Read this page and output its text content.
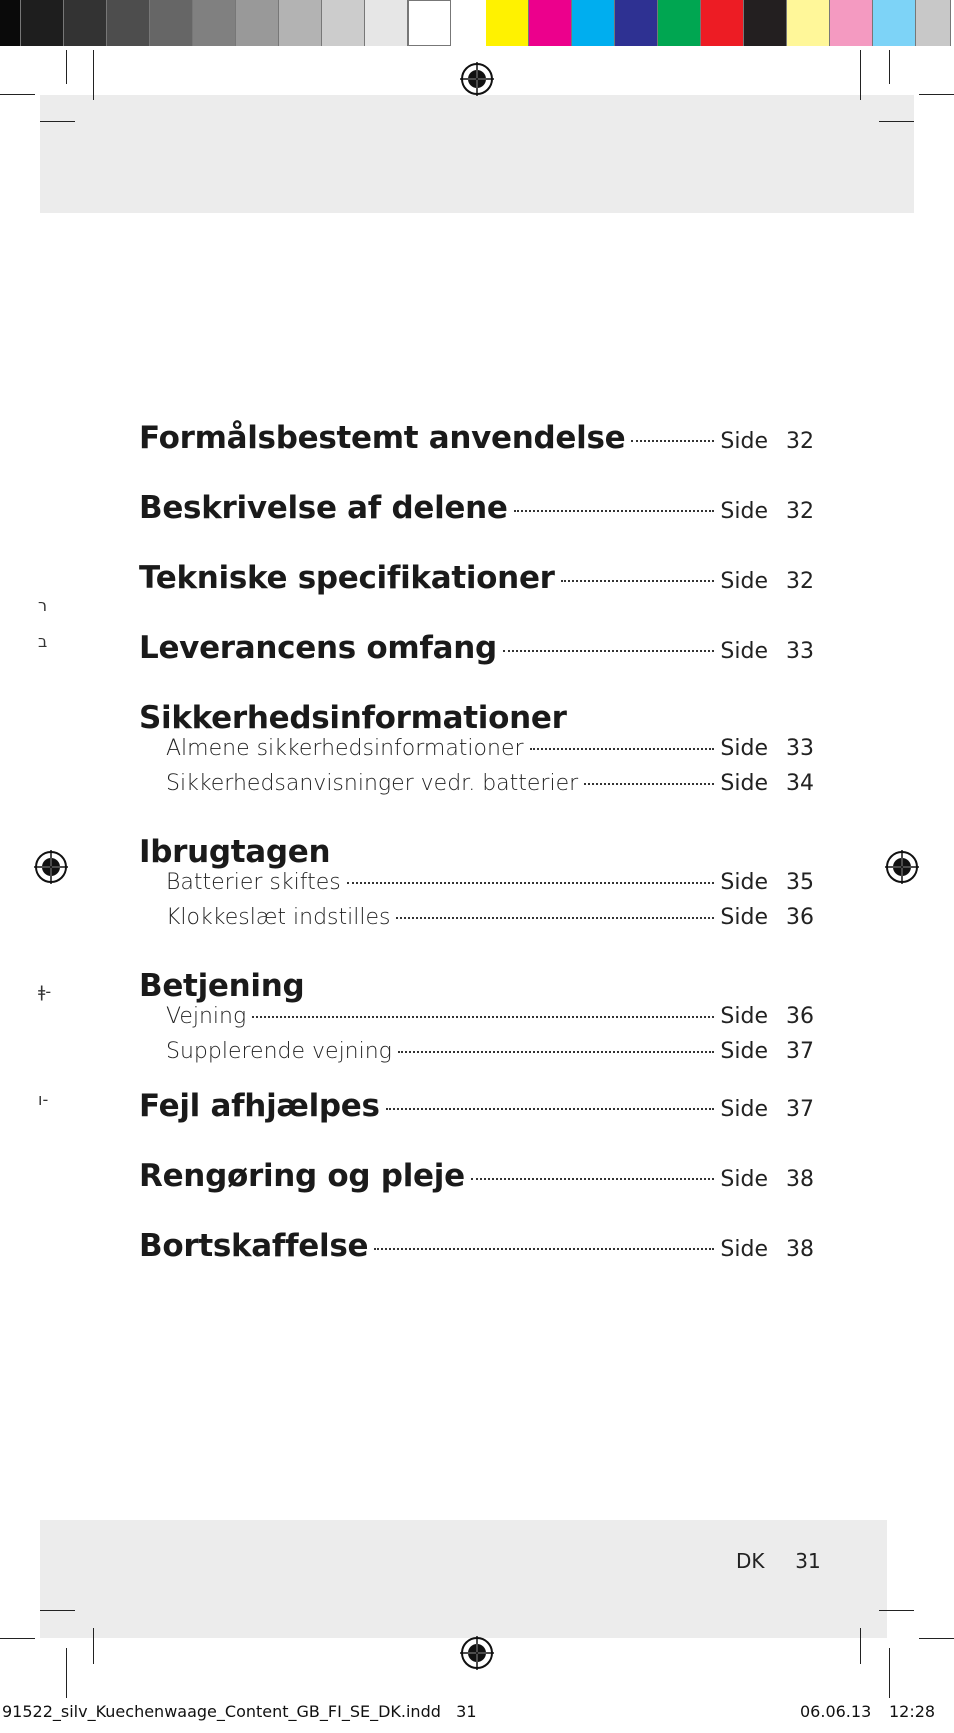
ר
ב
ǂ-
ı-
Formålsbestemt anvendelse	Side 32
Beskrivelse af delene	Side 32
Tekniske specifikationer	Side 32
Leverancens omfang	Side 33
Sikkerhedsinformationer
Almene sikkerhedsinformationer	Side 33
Sikkerhedsanvisninger vedr. batterier	Side 34
Ibrugtagen
Batterier skiftes	Side 35
Klokkeslæt indstilles	Side 36
Betjening
Vejning	Side 36
Supplerende vejning	Side 37
Fejl afhjælpes	Side 37
Rengøring og pleje	Side 38
Bortskaffelse	Side 38
DK 31
91522_silv_Kuechenwaage_Content_GB_FI_SE_DK.indd   31	06.06.13 12:28
